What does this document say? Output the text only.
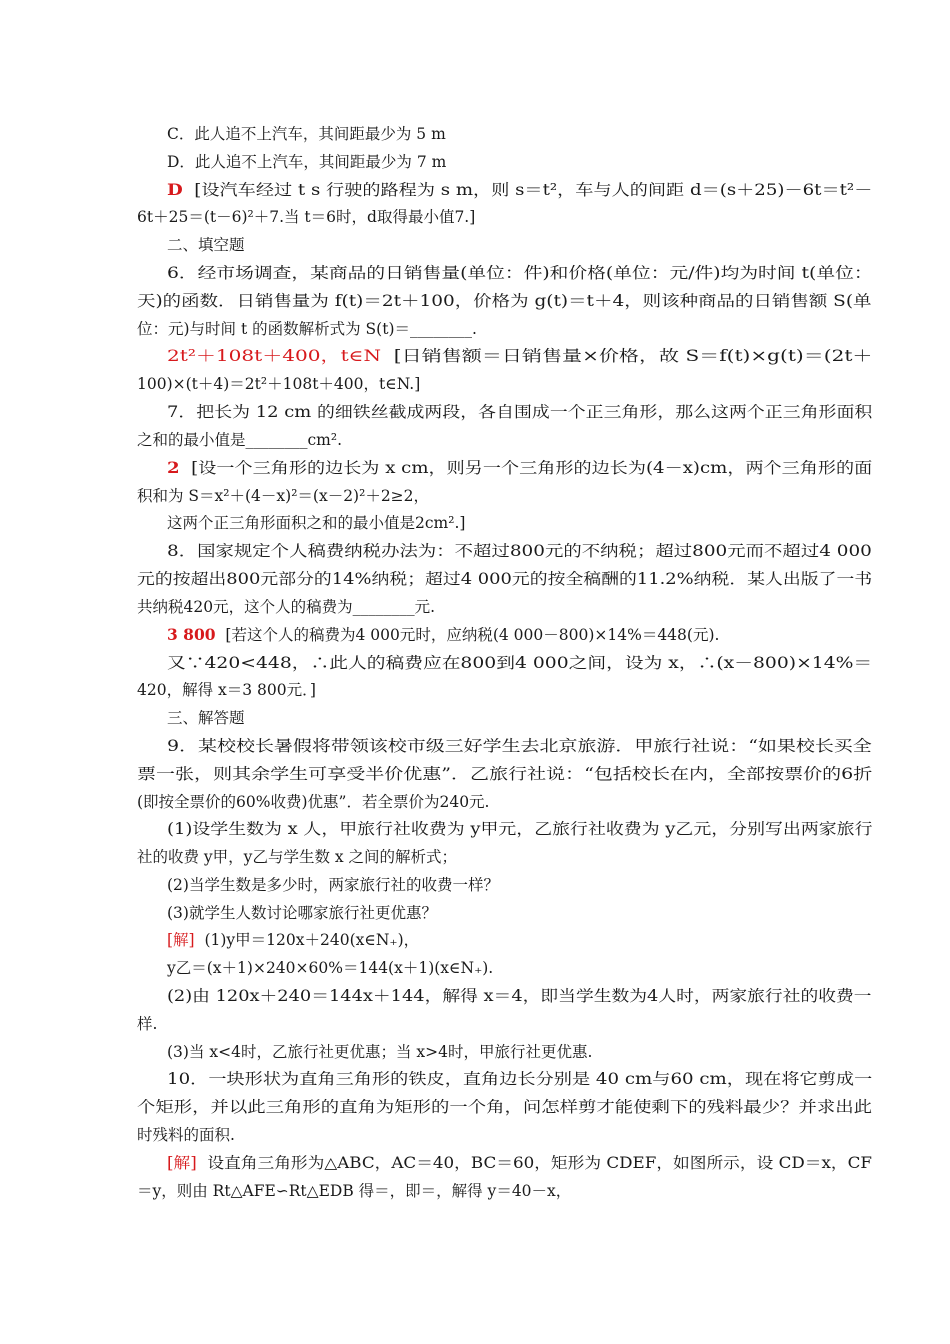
C．此人追不上汽车，其间距最少为 5 m
D．此人追不上汽车，其间距最少为 7 m
D  [设汽车经过 t s 行驶的路程为 s m，则 s＝t²，车与人的间距 d＝(s＋25)－6t＝t²－
6t＋25＝(t－6)²＋7.当 t＝6时，d取得最小值7.]
二、填空题
6．经市场调查，某商品的日销售量(单位：件)和价格(单位：元/件)均为时间 t(单位：
天)的函数．日销售量为 f(t)＝2t＋100，价格为 g(t)＝t＋4，则该种商品的日销售额 S(单
位：元)与时间 t 的函数解析式为 S(t)＝________.
2t²＋108t＋400，t∈N  [日销售额＝日销售量×价格，故 S＝f(t)×g(t)＝(2t＋
100)×(t＋4)＝2t²＋108t＋400，t∈N.]
7．把长为 12 cm 的细铁丝截成两段，各自围成一个正三角形，那么这两个正三角形面积
之和的最小值是________cm².
2  [设一个三角形的边长为 x cm，则另一个三角形的边长为(4－x)cm，两个三角形的面
积和为 S＝x²＋(4－x)²＝(x－2)²＋2≥2，
这两个正三角形面积之和的最小值是2cm².]
8．国家规定个人稿费纳税办法为：不超过800元的不纳税；超过800元而不超过4 000
元的按超出800元部分的14%纳税；超过4 000元的按全稿酬的11.2%纳税．某人出版了一书
共纳税420元，这个人的稿费为________元.
3 800  [若这个人的稿费为4 000元时，应纳税(4 000－800)×14%＝448(元).
又∵420<448，∴此人的稿费应在800到4 000之间，设为 x，∴(x－800)×14%＝
420，解得 x＝3 800元．]
三、解答题
9．某校校长暑假将带领该校市级三好学生去北京旅游．甲旅行社说：“如果校长买全
票一张，则其余学生可享受半价优惠”．乙旅行社说：“包括校长在内，全部按票价的6折
(即按全票价的60%收费)优惠”．若全票价为240元.
(1)设学生数为 x 人，甲旅行社收费为 y甲元，乙旅行社收费为 y乙元，分别写出两家旅行
社的收费 y甲，y乙与学生数 x 之间的解析式；
(2)当学生数是多少时，两家旅行社的收费一样？
(3)就学生人数讨论哪家旅行社更优惠？
[解]  (1)y甲＝120x＋240(x∈N₊)，
y乙＝(x＋1)×240×60%＝144(x＋1)(x∈N₊).
(2)由 120x＋240＝144x＋144，解得 x＝4，即当学生数为4人时，两家旅行社的收费一
样.
(3)当 x<4时，乙旅行社更优惠；当 x>4时，甲旅行社更优惠.
10．一块形状为直角三角形的铁皮，直角边长分别是 40 cm与60 cm，现在将它剪成一
个矩形，并以此三角形的直角为矩形的一个角，问怎样剪才能使剩下的残料最少？并求出此
时残料的面积.
[解]  设直角三角形为△ABC，AC＝40，BC＝60，矩形为 CDEF，如图所示，设 CD＝x，CF
＝y，则由 Rt△AFE∽Rt△EDB 得＝，即＝，解得 y＝40－x，
